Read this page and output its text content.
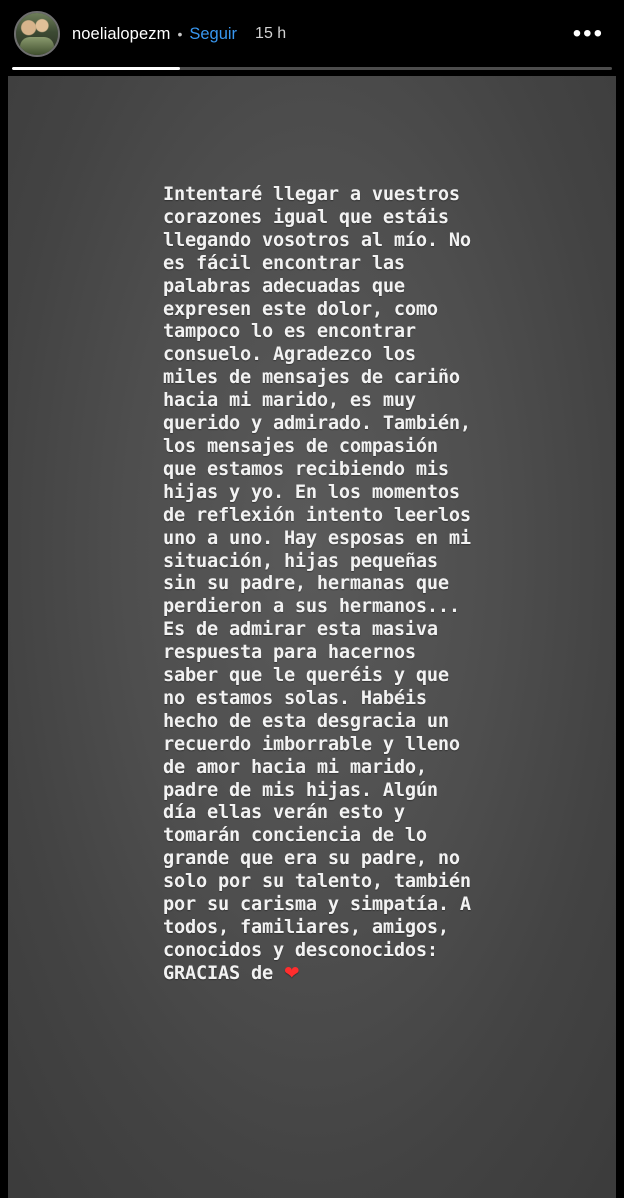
noelialopezm • Seguir 15 h	•••
Intentaré llegar a vuestros corazones igual que estáis llegando vosotros al mío. No es fácil encontrar las palabras adecuadas que expresen este dolor, como tampoco lo es encontrar consuelo. Agradezco los miles de mensajes de cariño hacia mi marido, es muy querido y admirado. También, los mensajes de compasión que estamos recibiendo mis hijas y yo. En los momentos de reflexión intento leerlos uno a uno. Hay esposas en mi situación, hijas pequeñas sin su padre, hermanas que perdieron a sus hermanos... Es de admirar esta masiva respuesta para hacernos saber que le queréis y que no estamos solas. Habéis hecho de esta desgracia un recuerdo imborrable y lleno de amor hacia mi marido, padre de mis hijas. Algún día ellas verán esto y tomarán conciencia de lo grande que era su padre, no solo por su talento, también por su carisma y simpatía. A todos, familiares, amigos, conocidos y desconocidos: GRACIAS de ❤
